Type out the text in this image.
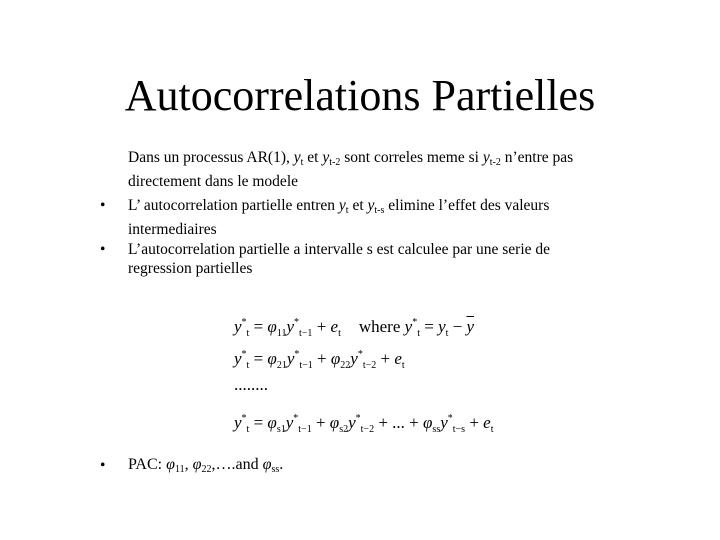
Autocorrelations Partielles
Dans un processus AR(1), $y_t$ et $y_{t-2}$ sont correles meme si $y_{t-2}$ n’entre pas directement dans le modele
• L’ autocorrelation partielle entren $y_t$ et $y_{t-s}$ elimine l’effet des valeurs intermediaires
• L’autocorrelation partielle a intervalle s est calculee par une serie de regression partielles
$y^*_t = \varphi_{11}y^*_{t-1} + e_t$ where $y^*_t = y_t - \overline{y}$
$y^*_t = \varphi_{21}y^*_{t-1} + \varphi_{22}y^*_{t-2} + e_t$
........
$y^*_t = \varphi_{s1}y^*_{t-1} + \varphi_{s2}y^*_{t-2}$ + ... + $\varphi_{ss}y^*_{t-s} + e_t$
• PAC: $\varphi_{11}$, $\varphi_{22},\dots.and$ $\varphi_{ss}$.
